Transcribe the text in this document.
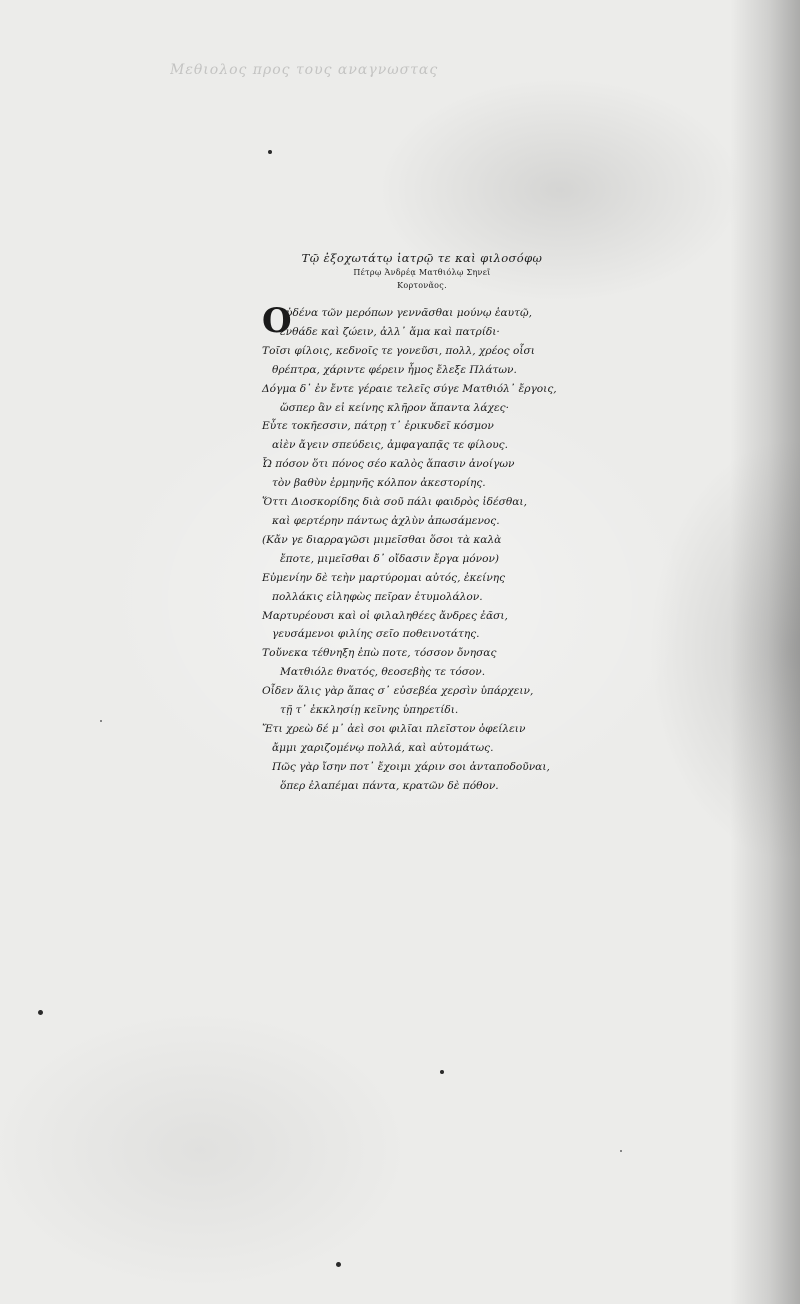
Μεθιολος προς τους αναγνωστας
Τῷ ἐξοχωτάτῳ ἰατρῷ τε καὶ φιλοσόφῳ
Πέτρῳ Ἀνδρέᾳ Ματθιόλῳ Σηνεῖ
Κορτονᾶος.
Ο
ὐδένα τῶν μερόπων γεννᾶσθαι μούνῳ ἑαυτῷ,
ἐνθάδε καὶ ζώειν, ἀλλ᾽ ἅμα καὶ πατρίδι·
Τοῖσι φίλοις, κεδνοῖς τε γονεῦσι, πολλ, χρέος οἷσι
θρέπτρα, χάριντε φέρειν ἦμος ἔλεξε Πλάτων.
Δόγμα δ᾽ ἐν ἔντε γέραιε τελεῖς σύγε Ματθιόλ᾽ ἔργοις,
ὥσπερ ἂν εἰ κείνης κλῆρον ἅπαντα λάχες·
Εὖτε τοκῆεσσιν, πάτρῃ τ᾽ ἐρικυδεῖ κόσμον
αἰὲν ἄγειν σπεύδεις, ἀμφαγαπᾷς τε φίλους.
Ὦ πόσον ὅτι πόνος σέο καλὸς ἅπασιν ἀνοίγων
τὸν βαθὺν ἑρμηνῆς κόλπον ἀκεστορίης.
Ὅττι Διοσκορίδης διὰ σοῦ πάλι φαιδρὸς ἰδέσθαι,
καὶ φερτέρην πάντως ἀχλὺν ἀπωσάμενος.
(Κἄν γε διαρραγῶσι μιμεῖσθαι ὅσοι τὰ καλὰ
ἔποτε, μιμεῖσθαι δ᾽ οἴδασιν ἔργα μόνον)
Εὐμενίην δὲ τεὴν μαρτύρομαι αὐτός, ἐκείνης
πολλάκις εἰληφὼς πεῖραν ἐτυμολάλον.
Μαρτυρέουσι καὶ οἱ φιλαληθέες ἄνδρες ἐᾶσι,
γευσάμενοι φιλίης σεῖο ποθεινοτάτης.
Τοὔνεκα τέθνηξη ἐπὼ ποτε, τόσσον ὄνησας
Ματθιόλε θνατός, θεοσεβὴς τε τόσον.
Οἶδεν ἅλις γὰρ ἅπας σ᾽ εὐσεβέα χερσὶν ὑπάρχειν,
τῇ τ᾽ ἐκκλησίῃ κεῖνης ὑπηρετίδι.
Ἔτι χρεὼ δέ μ᾽ ἀεὶ σοι φιλῖαι πλεῖστον ὀφείλειν
ἄμμι χαριζομένῳ πολλά, καὶ αὐτομάτως.
Πῶς γὰρ ἴσην ποτ᾽ ἔχοιμι χάριν σοι ἀνταποδοῦναι,
ὅπερ ἐλαπέμαι πάντα, κρατῶν δὲ πόθον.
